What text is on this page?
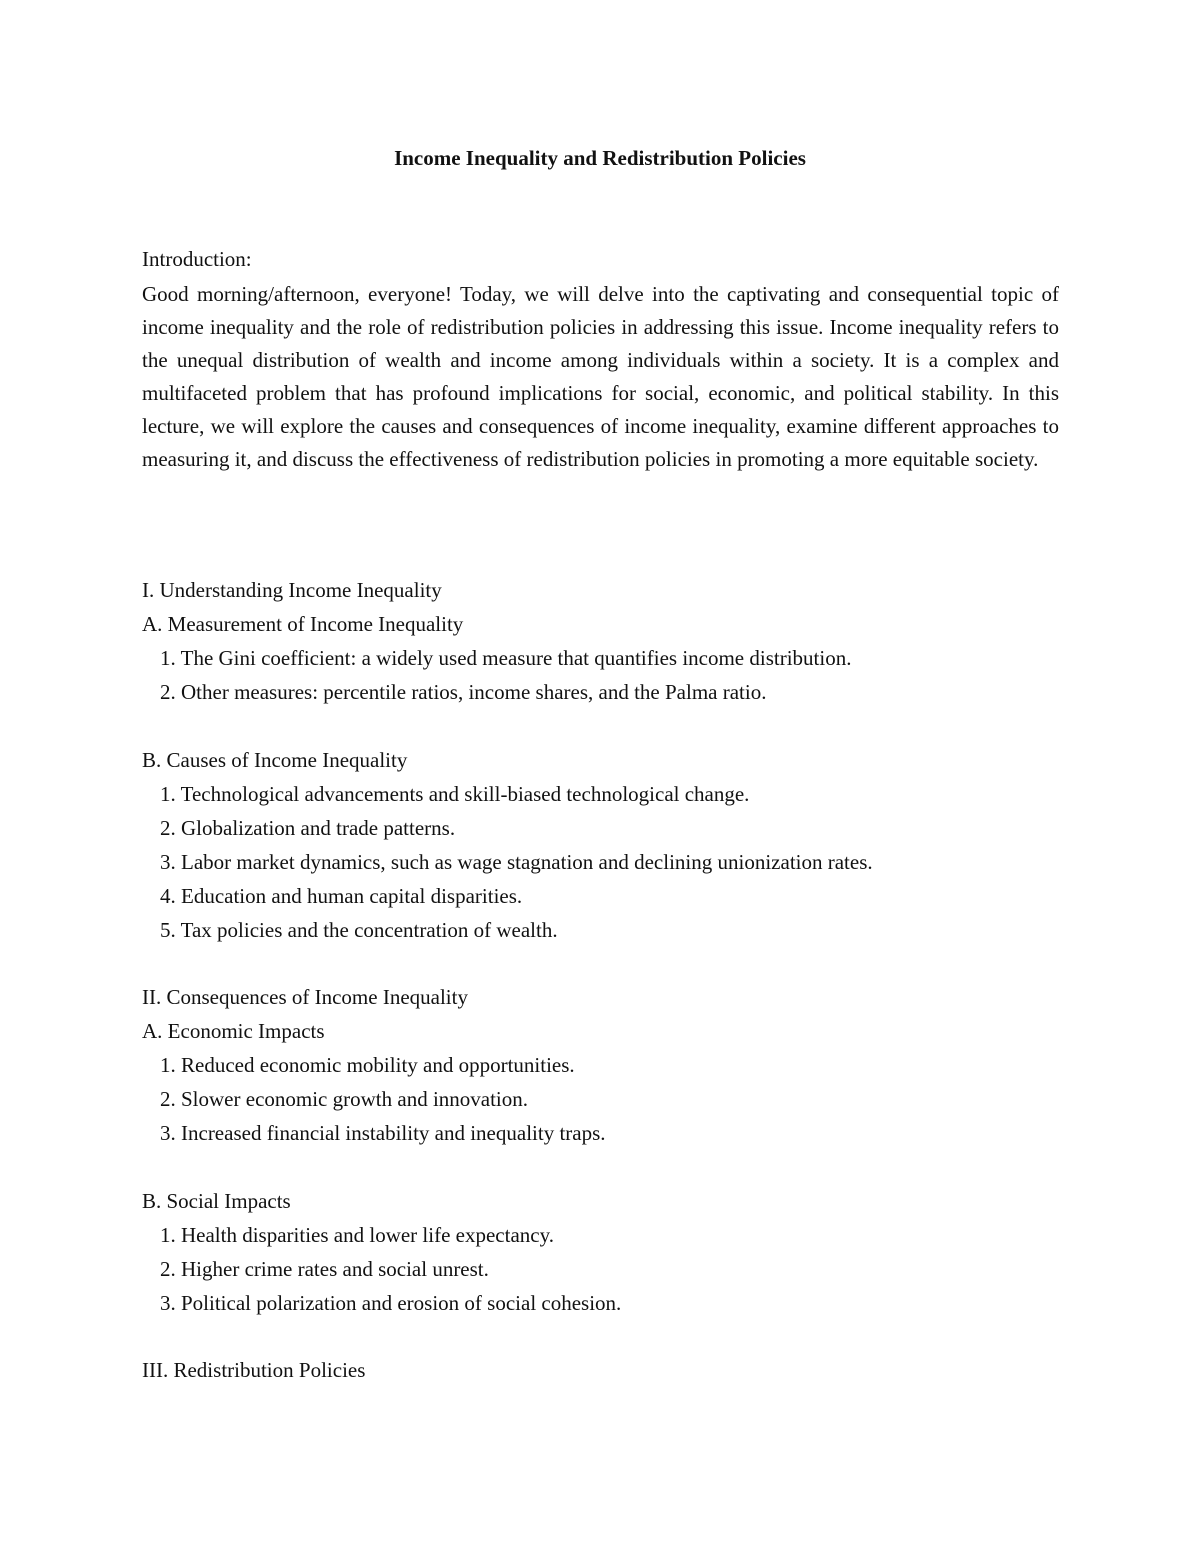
Income Inequality and Redistribution Policies
Introduction:
Good morning/afternoon, everyone! Today, we will delve into the captivating and consequential topic of income inequality and the role of redistribution policies in addressing this issue. Income inequality refers to the unequal distribution of wealth and income among individuals within a society. It is a complex and multifaceted problem that has profound implications for social, economic, and political stability. In this lecture, we will explore the causes and consequences of income inequality, examine different approaches to measuring it, and discuss the effectiveness of redistribution policies in promoting a more equitable society.
I. Understanding Income Inequality
A. Measurement of Income Inequality
1. The Gini coefficient: a widely used measure that quantifies income distribution.
2. Other measures: percentile ratios, income shares, and the Palma ratio.
B. Causes of Income Inequality
1. Technological advancements and skill-biased technological change.
2. Globalization and trade patterns.
3. Labor market dynamics, such as wage stagnation and declining unionization rates.
4. Education and human capital disparities.
5. Tax policies and the concentration of wealth.
II. Consequences of Income Inequality
A. Economic Impacts
1. Reduced economic mobility and opportunities.
2. Slower economic growth and innovation.
3. Increased financial instability and inequality traps.
B. Social Impacts
1. Health disparities and lower life expectancy.
2. Higher crime rates and social unrest.
3. Political polarization and erosion of social cohesion.
III. Redistribution Policies
